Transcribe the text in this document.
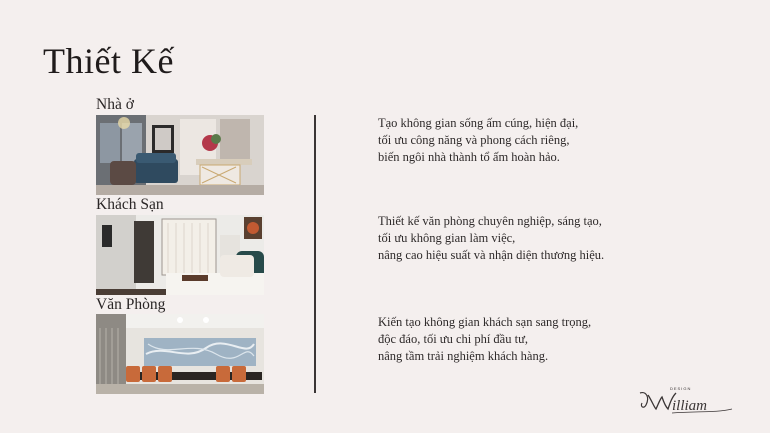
Thiết Kế
Nhà ở
Khách Sạn
Văn Phòng
Tạo không gian sống ấm cúng, hiện đại,
tối ưu công năng và phong cách riêng,
biến ngôi nhà thành tổ ấm hoàn hảo.
Thiết kế văn phòng chuyên nghiệp, sáng tạo,
tối ưu không gian làm việc,
nâng cao hiệu suất và nhận diện thương hiệu.
Kiến tạo không gian khách sạn sang trọng,
độc đáo, tối ưu chi phí đầu tư,
nâng tầm trải nghiệm khách hàng.
DESIGN
illiam
